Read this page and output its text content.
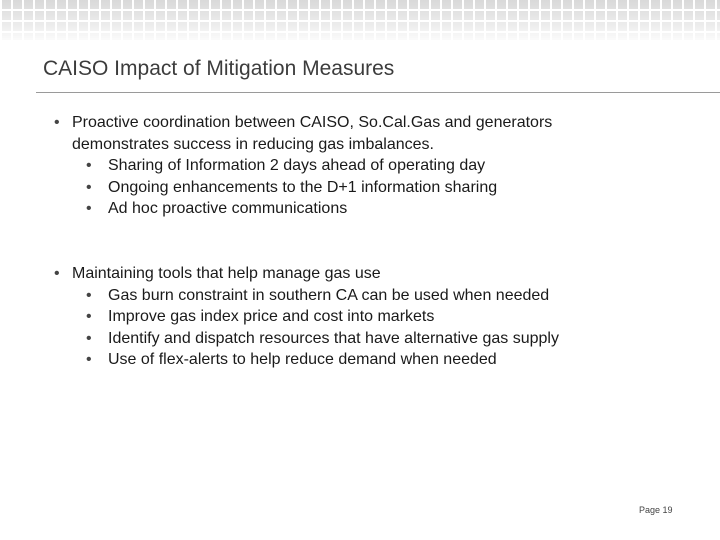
CAISO Impact of Mitigation Measures
• Proactive coordination between CAISO, So.Cal.Gas and generators
demonstrates success in reducing gas imbalances.
• Sharing of Information 2 days ahead of operating day
• Ongoing enhancements to the D+1 information sharing
• Ad hoc proactive communications
• Maintaining tools that help manage gas use
• Gas burn constraint in southern CA can be used when needed
• Improve gas index price and cost into markets
• Identify and dispatch resources that have alternative gas supply
• Use of flex-alerts to help reduce demand when needed
Page 19
